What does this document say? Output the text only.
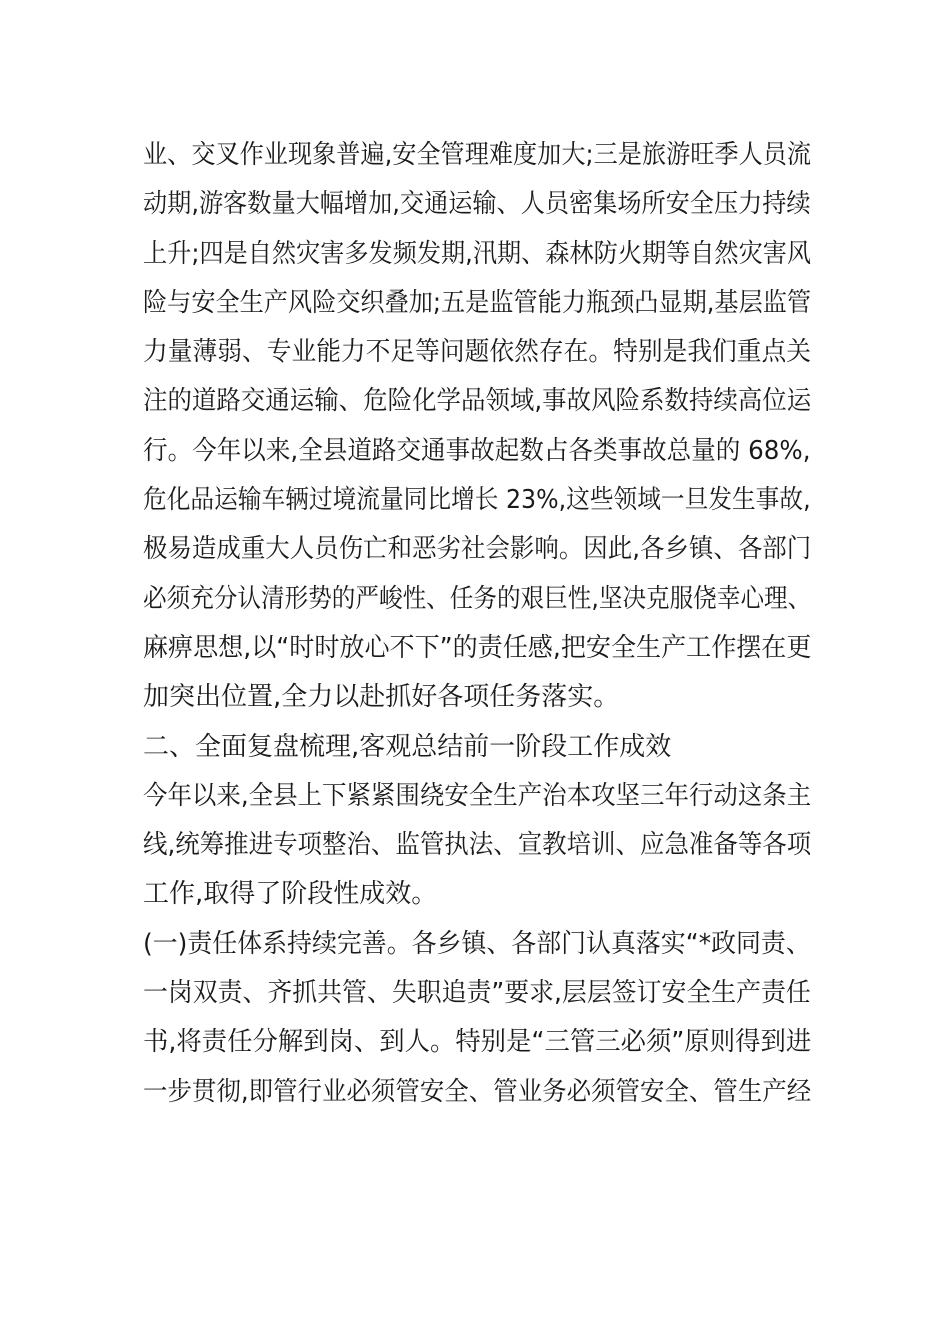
业、交叉作业现象普遍,安全管理难度加大;三是旅游旺季人员流
动期,游客数量大幅增加,交通运输、人员密集场所安全压力持续
上升;四是自然灾害多发频发期,汛期、森林防火期等自然灾害风
险与安全生产风险交织叠加;五是监管能力瓶颈凸显期,基层监管
力量薄弱、专业能力不足等问题依然存在。特别是我们重点关
注的道路交通运输、危险化学品领域,事故风险系数持续高位运
行。今年以来,全县道路交通事故起数占各类事故总量的 68%,
危化品运输车辆过境流量同比增长 23%,这些领域一旦发生事故,
极易造成重大人员伤亡和恶劣社会影响。因此,各乡镇、各部门
必须充分认清形势的严峻性、任务的艰巨性,坚决克服侥幸心理、
麻痹思想,以“时时放心不下”的责任感,把安全生产工作摆在更
加突出位置,全力以赴抓好各项任务落实。
二、全面复盘梳理,客观总结前一阶段工作成效
今年以来,全县上下紧紧围绕安全生产治本攻坚三年行动这条主
线,统筹推进专项整治、监管执法、宣教培训、应急准备等各项
工作,取得了阶段性成效。
(一)责任体系持续完善。各乡镇、各部门认真落实“*政同责、
一岗双责、齐抓共管、失职追责”要求,层层签订安全生产责任
书,将责任分解到岗、到人。特别是“三管三必须”原则得到进
一步贯彻,即管行业必须管安全、管业务必须管安全、管生产经
